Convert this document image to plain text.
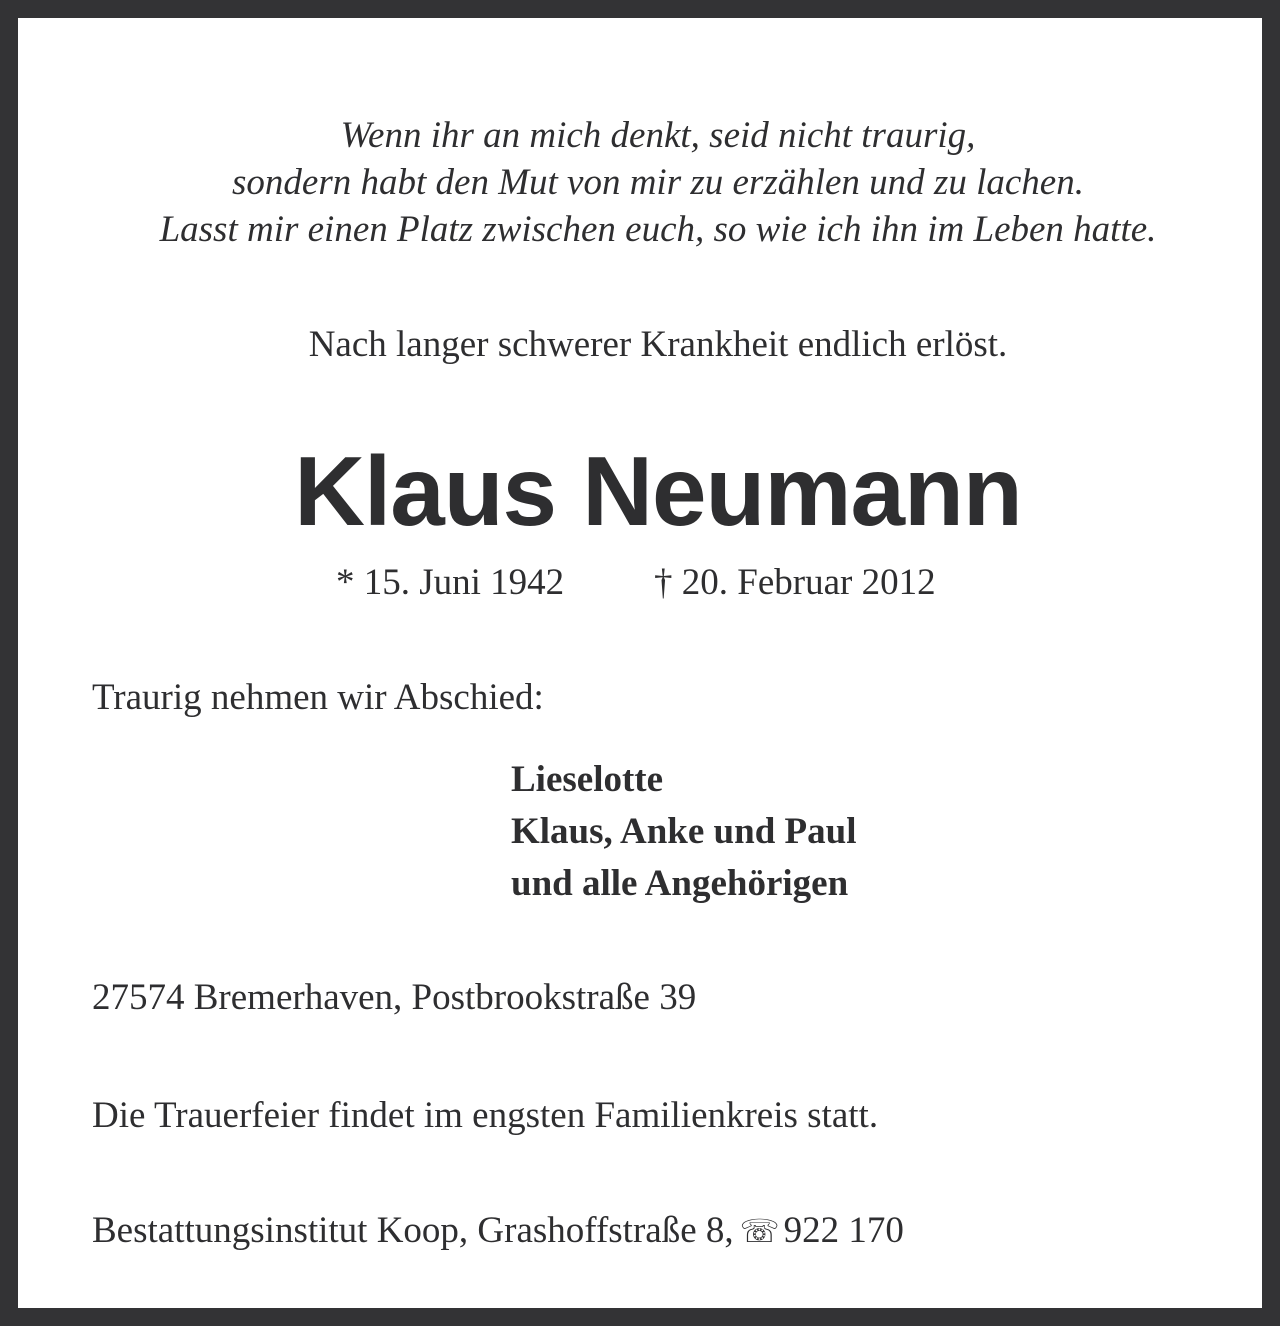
Wenn ihr an mich denkt, seid nicht traurig,
sondern habt den Mut von mir zu erzählen und zu lachen.
Lasst mir einen Platz zwischen euch, so wie ich ihn im Leben hatte.
Nach langer schwerer Krankheit endlich erlöst.
Klaus Neumann
* 15. Juni 1942 † 20. Februar 2012
Traurig nehmen wir Abschied:
Lieselotte
Klaus, Anke und Paul
und alle Angehörigen
27574 Bremerhaven, Postbrookstraße 39
Die Trauerfeier findet im engsten Familienkreis statt.
Bestattungsinstitut Koop, Grashoffstraße 8, ☏ 922 170
